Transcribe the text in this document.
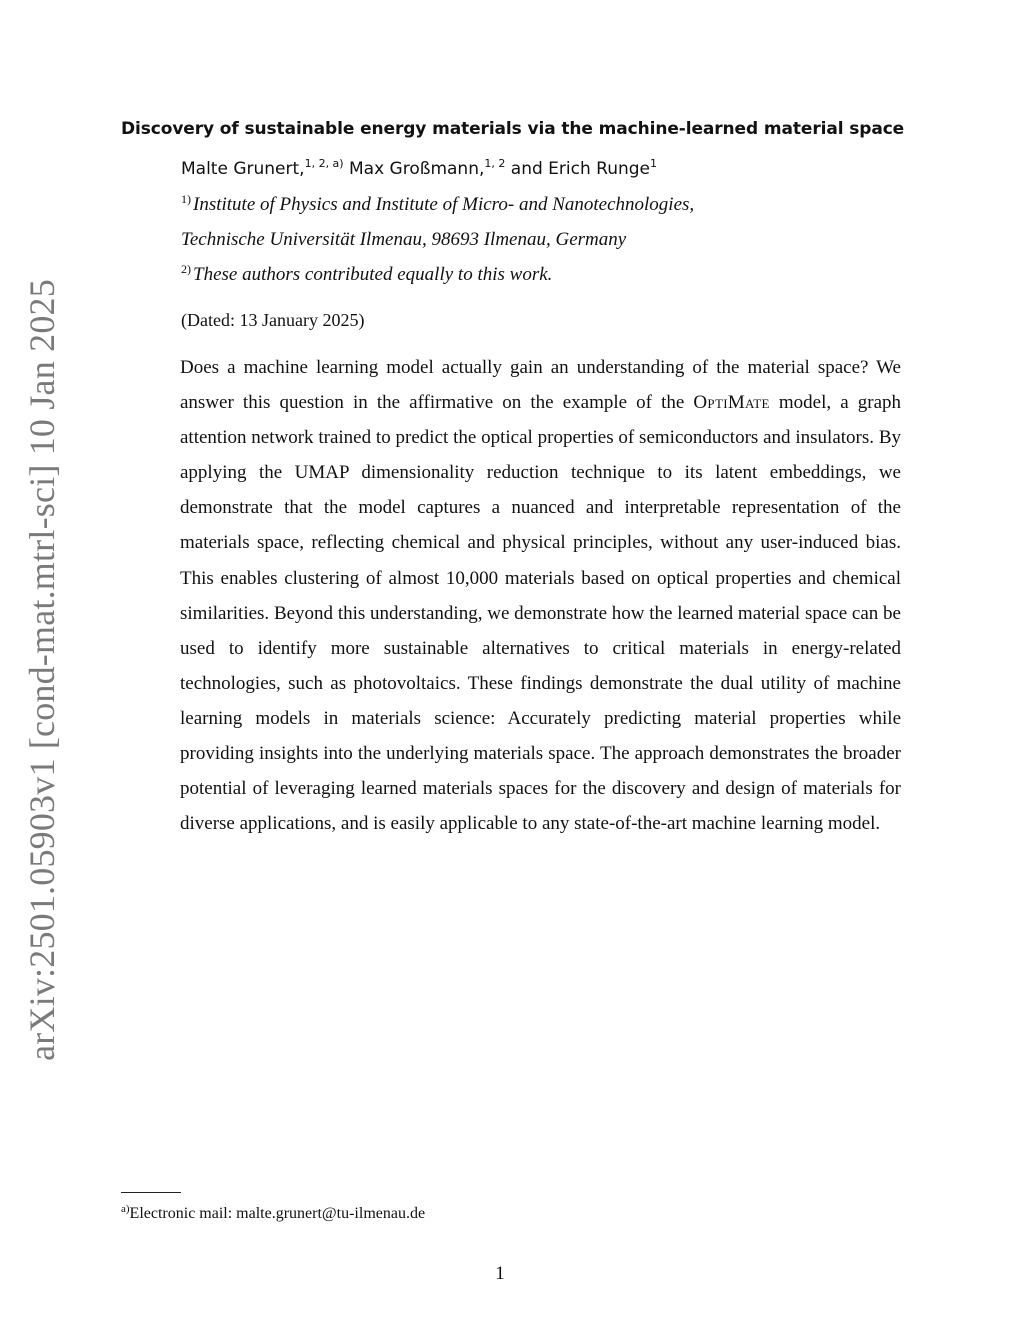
arXiv:2501.05903v1 [cond-mat.mtrl-sci] 10 Jan 2025
Discovery of sustainable energy materials via the machine-learned material space
Malte Grunert,$^{1, 2, a)}$ Max Großmann,$^{1, 2}$ and Erich Runge$^1$
$^{1)}$ Institute of Physics and Institute of Micro- and Nanotechnologies,
Technische Universität Ilmenau, 98693 Ilmenau, Germany
$^{2)}$ These authors contributed equally to this work.
(Dated: 13 January 2025)
Does a machine learning model actually gain an understanding of the material space? We answer this question in the affirmative on the example of the OptiMate model, a graph attention network trained to predict the optical properties of semiconductors and insulators. By applying the UMAP dimensionality reduction technique to its latent embeddings, we demonstrate that the model captures a nuanced and interpretable representation of the materials space, reflecting chemical and physical principles, without any user-induced bias. This enables clustering of almost 10,000 materials based on optical properties and chemical similarities. Beyond this understanding, we demonstrate how the learned material space can be used to identify more sustainable alternatives to critical materials in energy-related technologies, such as photovoltaics. These findings demonstrate the dual utility of machine learning models in materials science: Accurately predicting material properties while providing insights into the underlying materials space. The approach demonstrates the broader potential of leveraging learned materials spaces for the discovery and design of materials for diverse applications, and is easily applicable to any state-of-the-art machine learning model.
$^{a)}$Electronic mail: malte.grunert@tu-ilmenau.de
1
